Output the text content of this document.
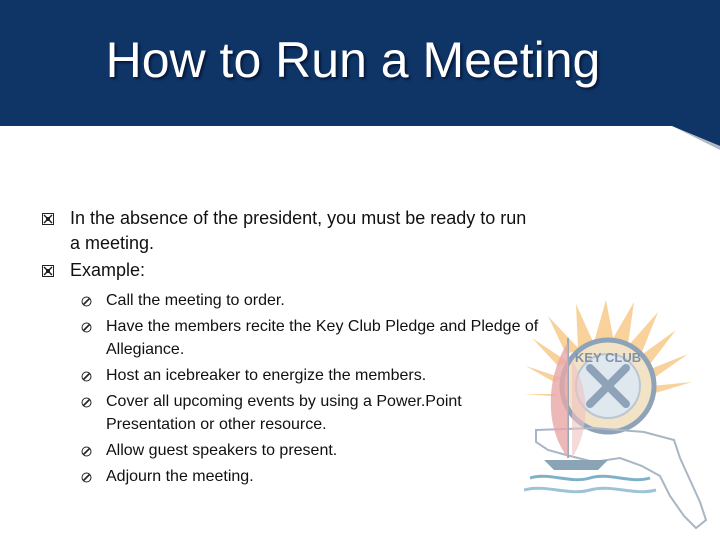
How to Run a Meeting
In the absence of the president, you must be ready to run a meeting.
Example:
Call the meeting to order.
Have the members recite the Key Club Pledge and Pledge of Allegiance.
Host an icebreaker to energize the members.
Cover all upcoming events by using a Power.Point Presentation or other resource.
Allow guest speakers to present.
Adjourn the meeting.
KEY CLUB
